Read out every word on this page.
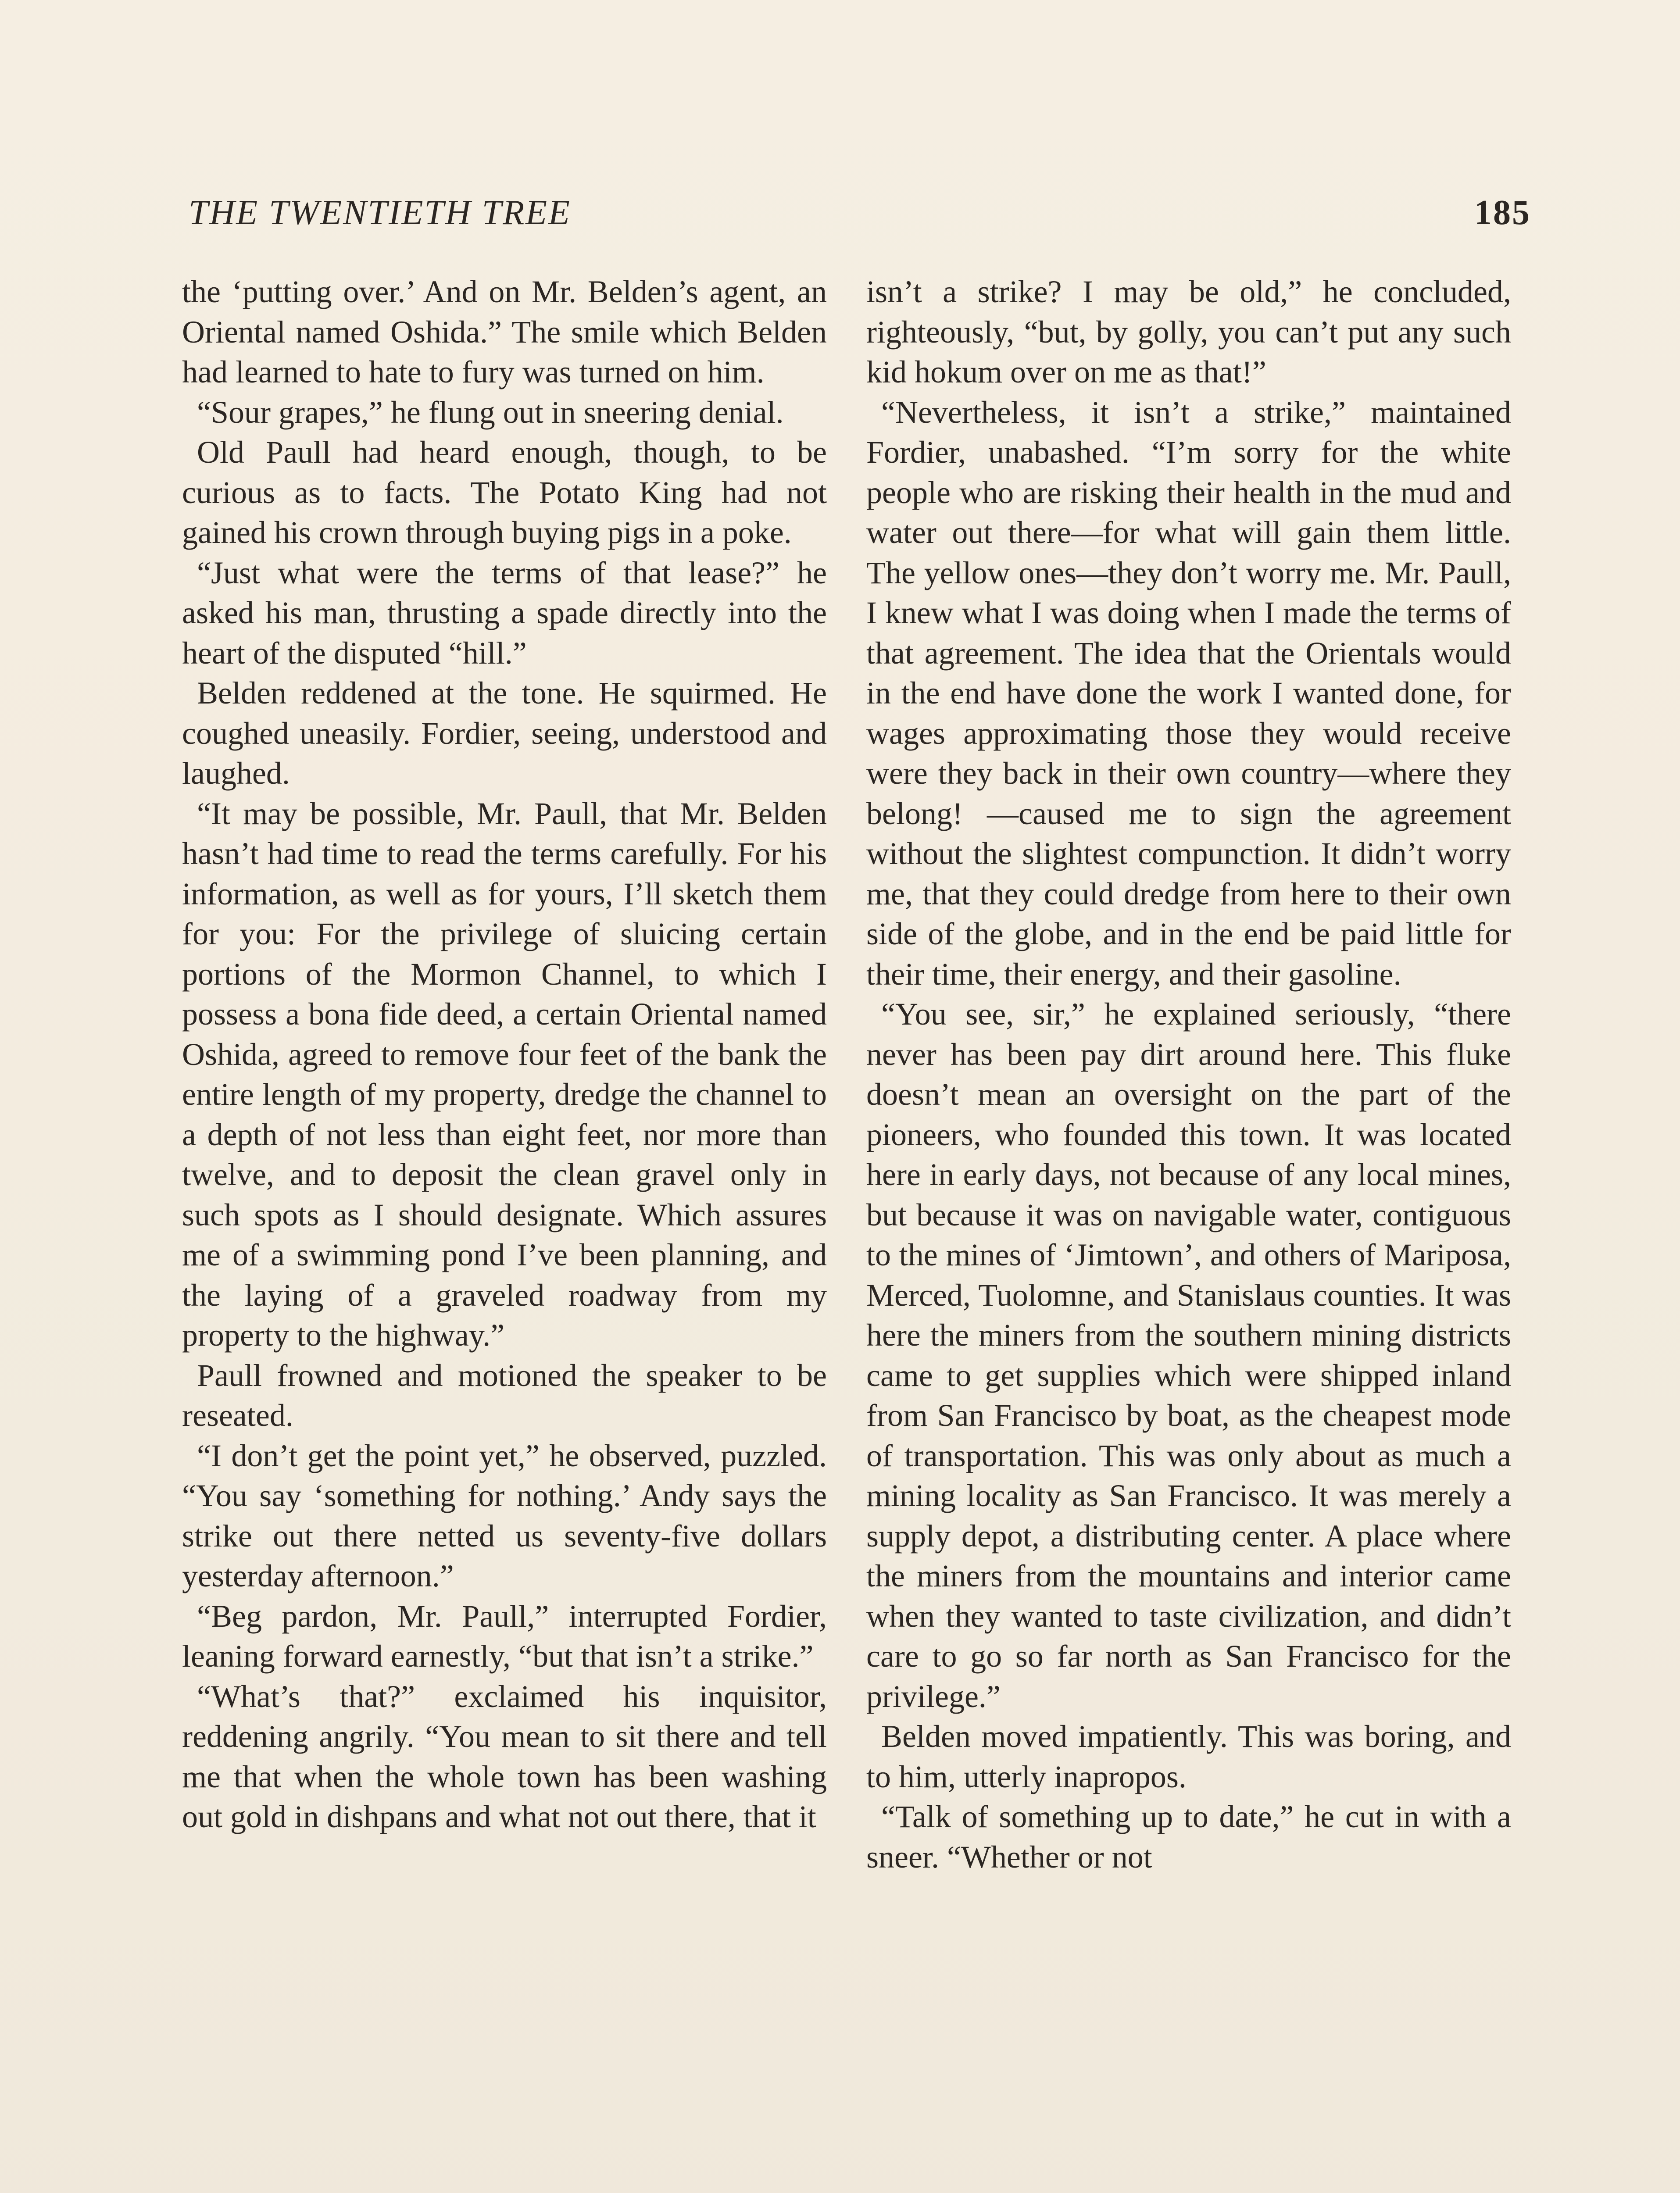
THE TWENTIETH TREE	185

the ‘putting over.’ And on Mr. Belden’s agent, an Oriental named Oshida.” The smile which Belden had learned to hate to fury was turned on him.

“Sour grapes,” he flung out in sneering denial.

Old Paull had heard enough, though, to be curious as to facts. The Potato King had not gained his crown through buying pigs in a poke.

“Just what were the terms of that lease?” he asked his man, thrusting a spade directly into the heart of the disputed “hill.”

Belden reddened at the tone. He squirmed. He coughed uneasily. Fordier, seeing, understood and laughed.

“It may be possible, Mr. Paull, that Mr. Belden hasn’t had time to read the terms carefully. For his information, as well as for yours, I’ll sketch them for you: For the privilege of sluicing certain portions of the Mormon Channel, to which I possess a bona fide deed, a certain Oriental named Oshida, agreed to remove four feet of the bank the entire length of my property, dredge the channel to a depth of not less than eight feet, nor more than twelve, and to deposit the clean gravel only in such spots as I should designate. Which assures me of a swimming pond I’ve been planning, and the laying of a graveled roadway from my property to the highway.”

Paull frowned and motioned the speaker to be reseated.

“I don’t get the point yet,” he observed, puzzled. “You say ‘something for nothing.’ Andy says the strike out there netted us seventy-five dollars yesterday afternoon.”

“Beg pardon, Mr. Paull,” interrupted Fordier, leaning forward earnestly, “but that isn’t a strike.”

“What’s that?” exclaimed his inquisitor, reddening angrily. “You mean to sit there and tell me that when the whole town has been washing out gold in dishpans and what not out there, that it

isn’t a strike? I may be old,” he concluded, righteously, “but, by golly, you can’t put any such kid hokum over on me as that!”

“Nevertheless, it isn’t a strike,” maintained Fordier, unabashed. “I’m sorry for the white people who are risking their health in the mud and water out there—for what will gain them little. The yellow ones—they don’t worry me. Mr. Paull, I knew what I was doing when I made the terms of that agreement. The idea that the Orientals would in the end have done the work I wanted done, for wages approximating those they would receive were they back in their own country—where they belong! —caused me to sign the agreement without the slightest compunction. It didn’t worry me, that they could dredge from here to their own side of the globe, and in the end be paid little for their time, their energy, and their gasoline.

“You see, sir,” he explained seriously, “there never has been pay dirt around here. This fluke doesn’t mean an oversight on the part of the pioneers, who founded this town. It was located here in early days, not because of any local mines, but because it was on navigable water, contiguous to the mines of ‘Jimtown’, and others of Mariposa, Merced, Tuolomne, and Stanislaus counties. It was here the miners from the southern mining districts came to get supplies which were shipped inland from San Francisco by boat, as the cheapest mode of transportation. This was only about as much a mining locality as San Francisco. It was merely a supply depot, a distributing center. A place where the miners from the mountains and interior came when they wanted to taste civilization, and didn’t care to go so far north as San Francisco for the privilege.”

Belden moved impatiently. This was boring, and to him, utterly inapropos.

“Talk of something up to date,” he cut in with a sneer. “Whether or not
